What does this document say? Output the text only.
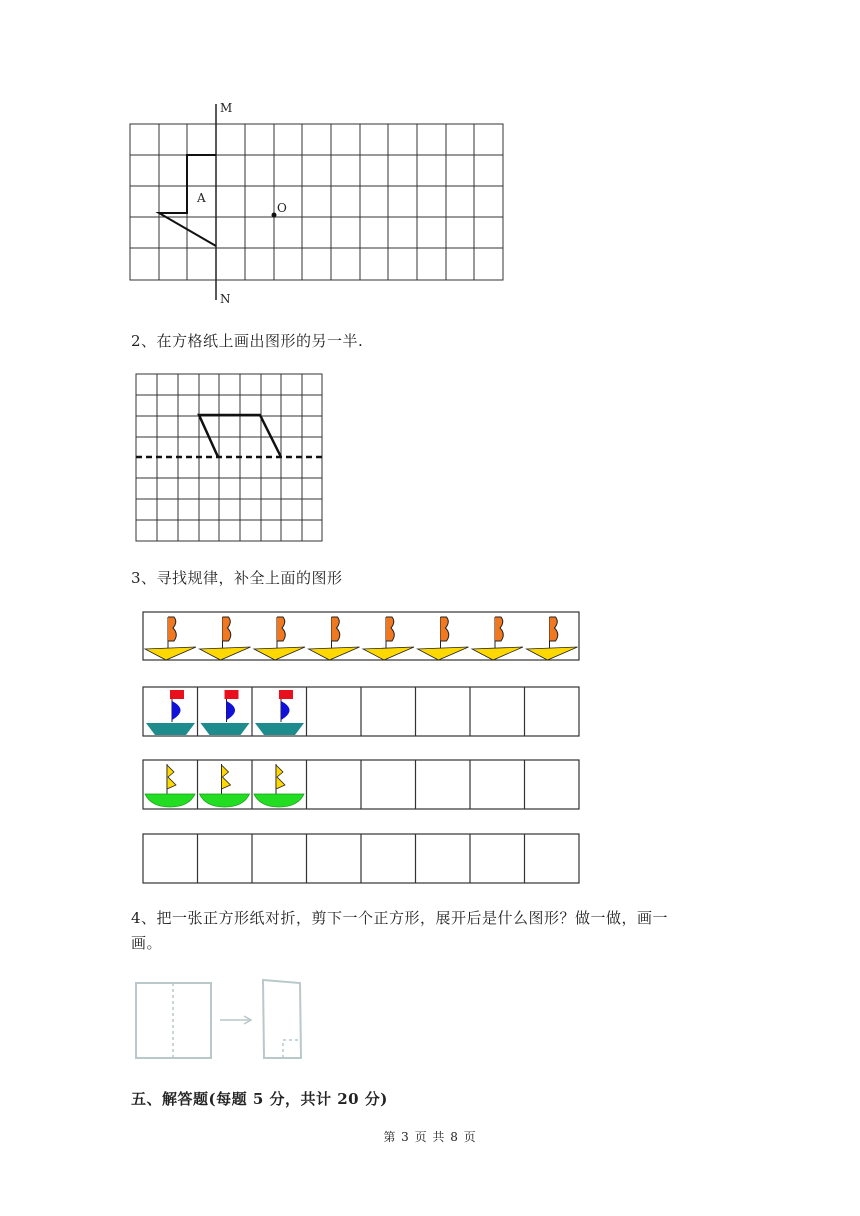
M
N
A
O
2、在方格纸上画出图形的另一半.
3、寻找规律，补全上面的图形
4、把一张正方形纸对折，剪下一个正方形，展开后是什么图形？做一做，画一
画。
五、解答题(每题 5 分，共计 20 分)
第 3 页 共 8 页
